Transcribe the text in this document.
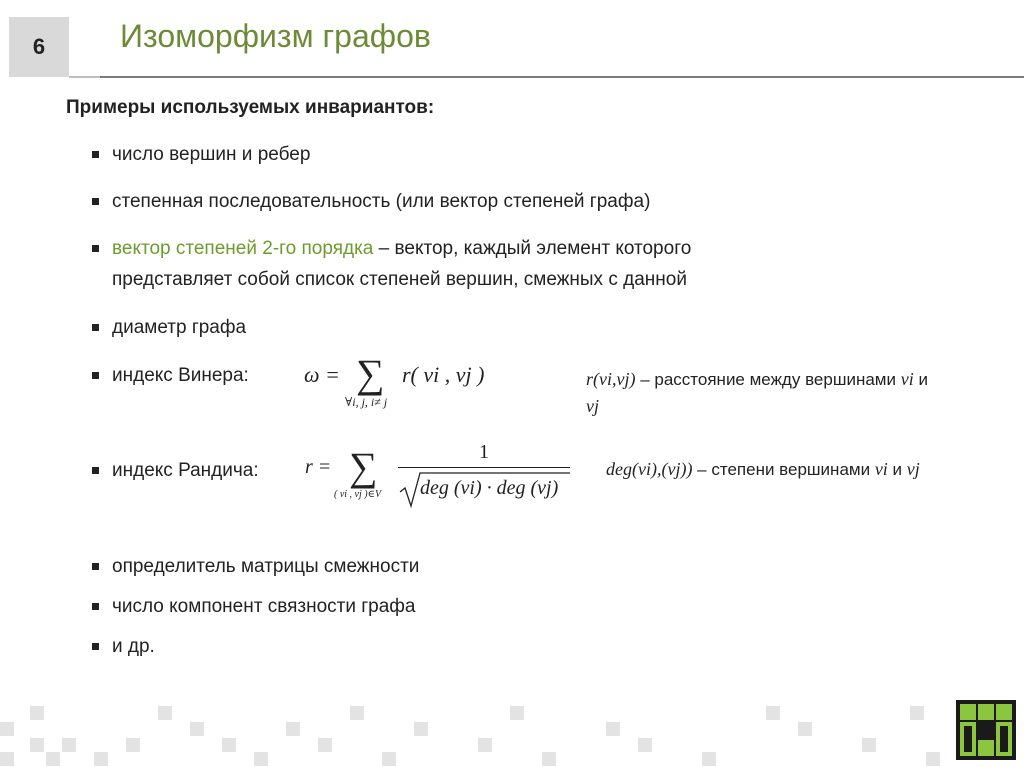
6	Изоморфизм графов
Примеры используемых инвариантов:
число вершин и ребер
степенная последовательность (или вектор степеней графа)
вектор степеней 2-го порядка – вектор, каждый элемент которого
представляет собой список степеней вершин, смежных с данной
диаметр графа
индекс Винера:	ω = ∑
∀i, j, i≠ j
r( vi , vj )	r(vi,vj) – расстояние между вершинами vi и
vj
индекс Рандича: r = ∑
( vi , vj )∈V
1
deg (vi) · deg (vj)
deg(vi),(vj)) – степени вершинами vi и vj
определитель матрицы смежности
число компонент связности графа
и др.
